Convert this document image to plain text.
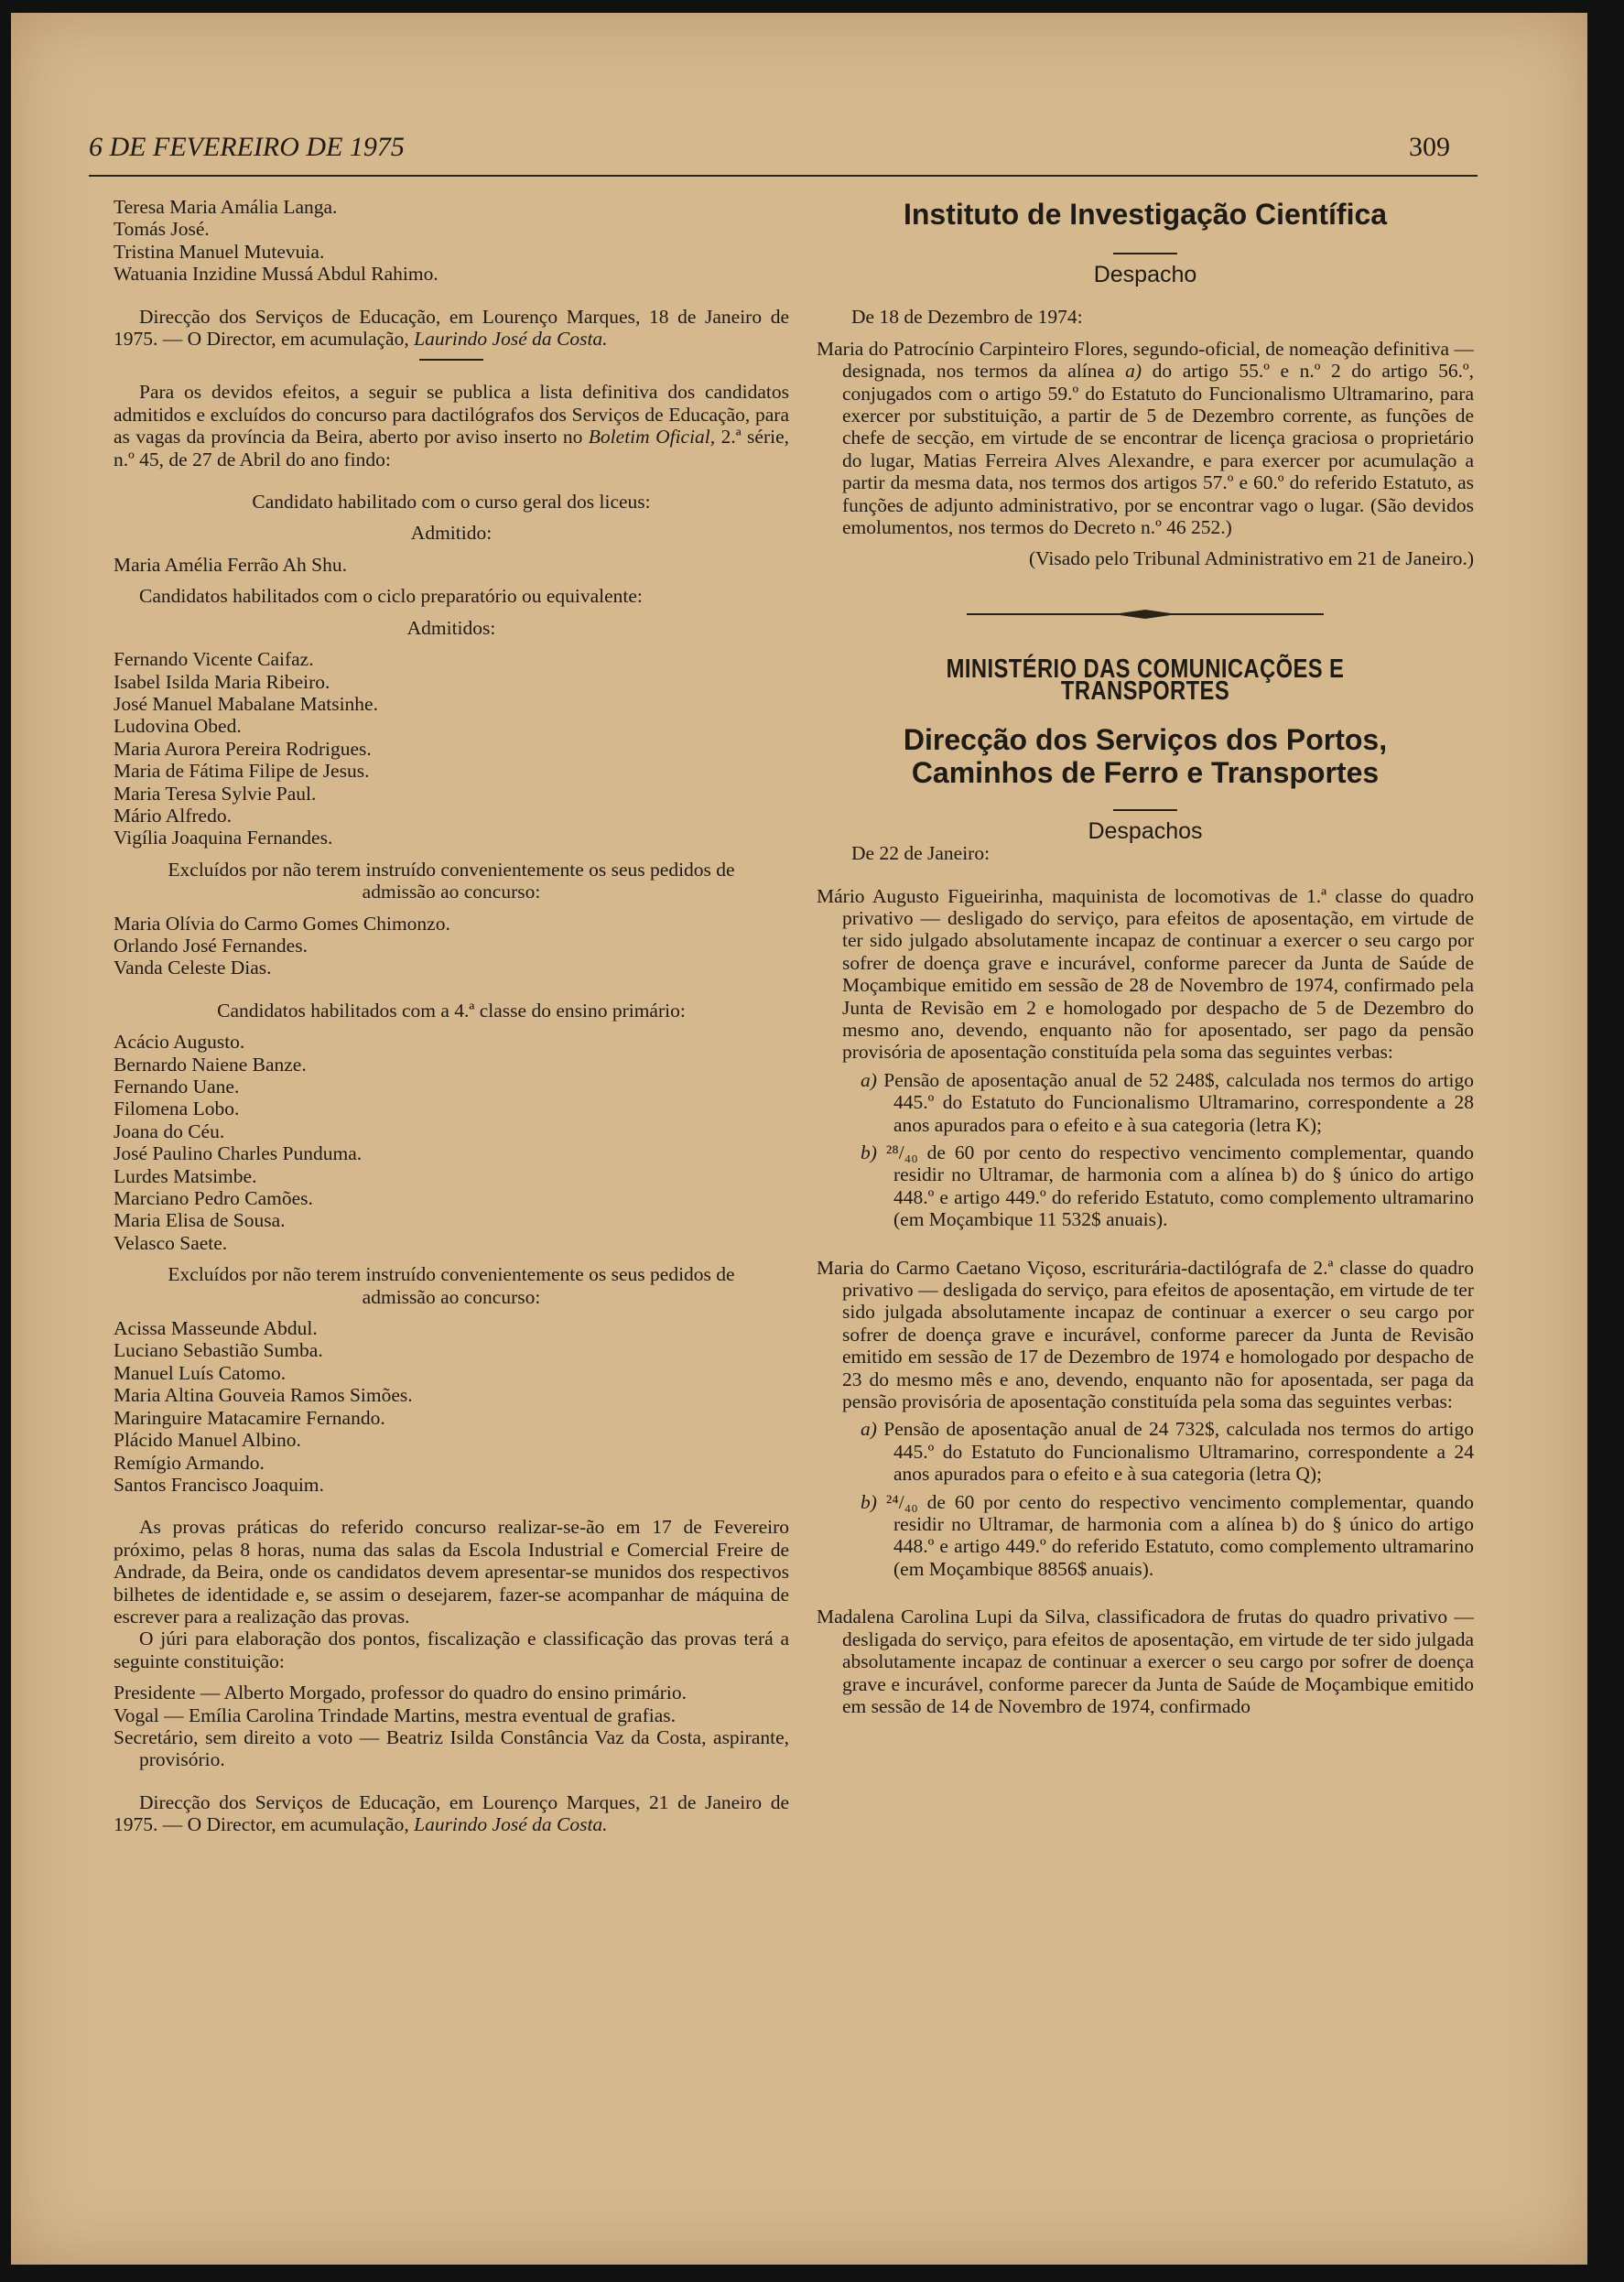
6 DE FEVEREIRO DE 1975	309
Teresa Maria Amália Langa.
Tomás José.
Tristina Manuel Mutevuia.
Watuania Inzidine Mussá Abdul Rahimo.

Direcção dos Serviços de Educação, em Lourenço Marques, 18 de Janeiro de 1975. — O Director, em acumulação, Laurindo José da Costa.

Para os devidos efeitos, a seguir se publica a lista definitiva dos candidatos admitidos e excluídos do concurso para dactilógrafos dos Serviços de Educação, para as vagas da província da Beira, aberto por aviso inserto no Boletim Oficial, 2.ª série, n.º 45, de 27 de Abril do ano findo:

Candidato habilitado com o curso geral dos liceus:

Admitido:

Maria Amélia Ferrão Ah Shu.

Candidatos habilitados com o ciclo preparatório ou equivalente:

Admitidos:

Fernando Vicente Caifaz.
Isabel Isilda Maria Ribeiro.
José Manuel Mabalane Matsinhe.
Ludovina Obed.
Maria Aurora Pereira Rodrigues.
Maria de Fátima Filipe de Jesus.
Maria Teresa Sylvie Paul.
Mário Alfredo.
Vigília Joaquina Fernandes.

Excluídos por não terem instruído convenientemente os seus pedidos de admissão ao concurso:

Maria Olívia do Carmo Gomes Chimonzo.
Orlando José Fernandes.
Vanda Celeste Dias.

Candidatos habilitados com a 4.ª classe do ensino primário:

Acácio Augusto.
Bernardo Naiene Banze.
Fernando Uane.
Filomena Lobo.
Joana do Céu.
José Paulino Charles Punduma.
Lurdes Matsimbe.
Marciano Pedro Camões.
Maria Elisa de Sousa.
Velasco Saete.

Excluídos por não terem instruído convenientemente os seus pedidos de admissão ao concurso:

Acissa Masseunde Abdul.
Luciano Sebastião Sumba.
Manuel Luís Catomo.
Maria Altina Gouveia Ramos Simões.
Maringuire Matacamire Fernando.
Plácido Manuel Albino.
Remígio Armando.
Santos Francisco Joaquim.

As provas práticas do referido concurso realizar-se-ão em 17 de Fevereiro próximo, pelas 8 horas, numa das salas da Escola Industrial e Comercial Freire de Andrade, da Beira, onde os candidatos devem apresentar-se munidos dos respectivos bilhetes de identidade e, se assim o desejarem, fazer-se acompanhar de máquina de escrever para a realização das provas.

O júri para elaboração dos pontos, fiscalização e classificação das provas terá a seguinte constituição:

Presidente — Alberto Morgado, professor do quadro do ensino primário.

Vogal — Emília Carolina Trindade Martins, mestra eventual de grafias.

Secretário, sem direito a voto — Beatriz Isilda Constância Vaz da Costa, aspirante, provisório.

Direcção dos Serviços de Educação, em Lourenço Marques, 21 de Janeiro de 1975. — O Director, em acumulação, Laurindo José da Costa.

Instituto de Investigação Científica
Despacho
De 18 de Dezembro de 1974:

Maria do Patrocínio Carpinteiro Flores, segundo-oficial, de nomeação definitiva — designada, nos termos da alínea a) do artigo 55.º e n.º 2 do artigo 56.º, conjugados com o artigo 59.º do Estatuto do Funcionalismo Ultramarino, para exercer por substituição, a partir de 5 de Dezembro corrente, as funções de chefe de secção, em virtude de se encontrar de licença graciosa o proprietário do lugar, Matias Ferreira Alves Alexandre, e para exercer por acumulação a partir da mesma data, nos termos dos artigos 57.º e 60.º do referido Estatuto, as funções de adjunto administrativo, por se encontrar vago o lugar. (São devidos emolumentos, nos termos do Decreto n.º 46 252.)

(Visado pelo Tribunal Administrativo em 21 de Janeiro.)

MINISTÉRIO DAS COMUNICAÇÕES E TRANSPORTES
Direcção dos Serviços dos Portos,
Caminhos de Ferro e Transportes
Despachos
De 22 de Janeiro:

Mário Augusto Figueirinha, maquinista de locomotivas de 1.ª classe do quadro privativo — desligado do serviço, para efeitos de aposentação, em virtude de ter sido julgado absolutamente incapaz de continuar a exercer o seu cargo por sofrer de doença grave e incurável, conforme parecer da Junta de Saúde de Moçambique emitido em sessão de 28 de Novembro de 1974, confirmado pela Junta de Revisão em 2 e homologado por despacho de 5 de Dezembro do mesmo ano, devendo, enquanto não for aposentado, ser pago da pensão provisória de aposentação constituída pela soma das seguintes verbas:

a) Pensão de aposentação anual de 52 248$, calculada nos termos do artigo 445.º do Estatuto do Funcionalismo Ultramarino, correspondente a 28 anos apurados para o efeito e à sua categoria (letra K);

b) ²⁸/₄₀ de 60 por cento do respectivo vencimento complementar, quando residir no Ultramar, de harmonia com a alínea b) do § único do artigo 448.º e artigo 449.º do referido Estatuto, como complemento ultramarino (em Moçambique 11 532$ anuais).

Maria do Carmo Caetano Viçoso, escriturária-dactilógrafa de 2.ª classe do quadro privativo — desligada do serviço, para efeitos de aposentação, em virtude de ter sido julgada absolutamente incapaz de continuar a exercer o seu cargo por sofrer de doença grave e incurável, conforme parecer da Junta de Revisão emitido em sessão de 17 de Dezembro de 1974 e homologado por despacho de 23 do mesmo mês e ano, devendo, enquanto não for aposentada, ser paga da pensão provisória de aposentação constituída pela soma das seguintes verbas:

a) Pensão de aposentação anual de 24 732$, calculada nos termos do artigo 445.º do Estatuto do Funcionalismo Ultramarino, correspondente a 24 anos apurados para o efeito e à sua categoria (letra Q);

b) ²⁴/₄₀ de 60 por cento do respectivo vencimento complementar, quando residir no Ultramar, de harmonia com a alínea b) do § único do artigo 448.º e artigo 449.º do referido Estatuto, como complemento ultramarino (em Moçambique 8856$ anuais).

Madalena Carolina Lupi da Silva, classificadora de frutas do quadro privativo — desligada do serviço, para efeitos de aposentação, em virtude de ter sido julgada absolutamente incapaz de continuar a exercer o seu cargo por sofrer de doença grave e incurável, conforme parecer da Junta de Saúde de Moçambique emitido em sessão de 14 de Novembro de 1974, confirmado
